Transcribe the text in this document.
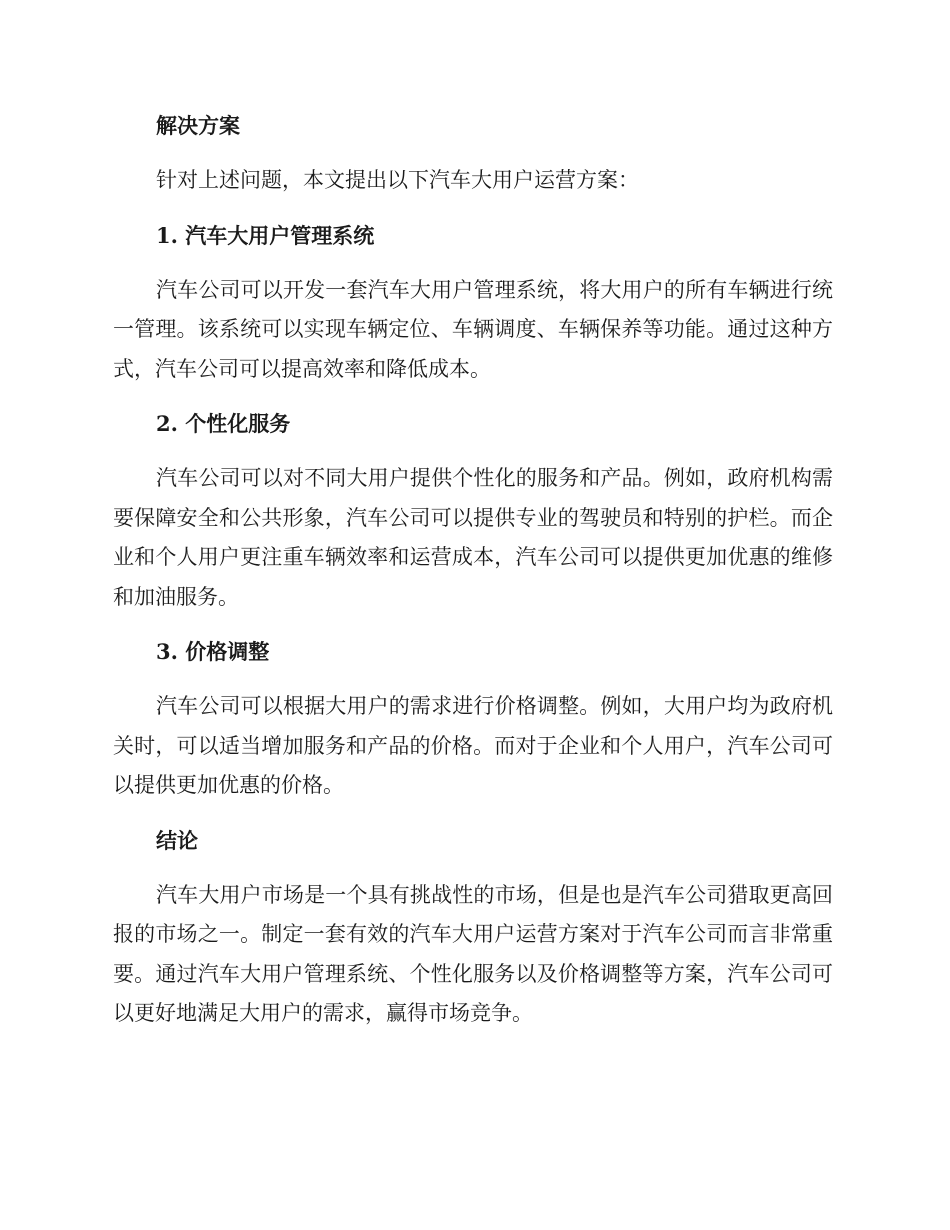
解决方案

针对上述问题，本文提出以下汽车大用户运营方案：

1. 汽车大用户管理系统

汽车公司可以开发一套汽车大用户管理系统，将大用户的所有车辆进行统一管理。该系统可以实现车辆定位、车辆调度、车辆保养等功能。通过这种方式，汽车公司可以提高效率和降低成本。

2. 个性化服务

汽车公司可以对不同大用户提供个性化的服务和产品。例如，政府机构需要保障安全和公共形象，汽车公司可以提供专业的驾驶员和特别的护栏。而企业和个人用户更注重车辆效率和运营成本，汽车公司可以提供更加优惠的维修和加油服务。

3. 价格调整

汽车公司可以根据大用户的需求进行价格调整。例如，大用户均为政府机关时，可以适当增加服务和产品的价格。而对于企业和个人用户，汽车公司可以提供更加优惠的价格。

结论

汽车大用户市场是一个具有挑战性的市场，但是也是汽车公司猎取更高回报的市场之一。制定一套有效的汽车大用户运营方案对于汽车公司而言非常重要。通过汽车大用户管理系统、个性化服务以及价格调整等方案，汽车公司可以更好地满足大用户的需求，赢得市场竞争。
